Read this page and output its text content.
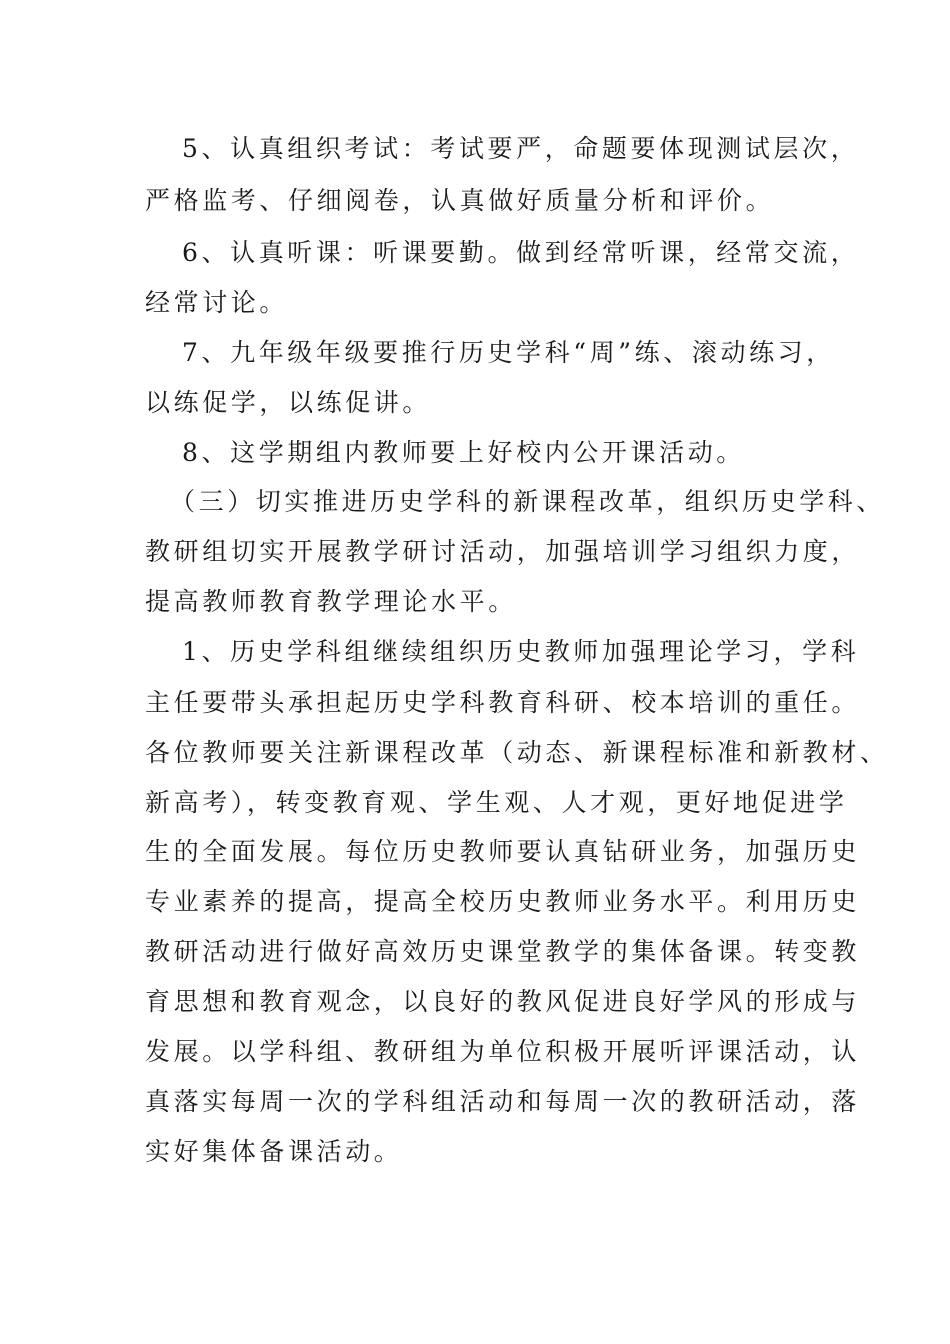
5、认真组织考试：考试要严，命题要体现测试层次，

严格监考、仔细阅卷，认真做好质量分析和评价。

6、认真听课：听课要勤。做到经常听课，经常交流，

经常讨论。

7、九年级年级要推行历史学科“周”练、滚动练习，

以练促学，以练促讲。

8、这学期组内教师要上好校内公开课活动。

（三）切实推进历史学科的新课程改革，组织历史学科、

教研组切实开展教学研讨活动，加强培训学习组织力度，

提高教师教育教学理论水平。

1、历史学科组继续组织历史教师加强理论学习，学科

主任要带头承担起历史学科教育科研、校本培训的重任。

各位教师要关注新课程改革（动态、新课程标准和新教材、

新高考），转变教育观、学生观、人才观，更好地促进学

生的全面发展。每位历史教师要认真钻研业务，加强历史

专业素养的提高，提高全校历史教师业务水平。利用历史

教研活动进行做好高效历史课堂教学的集体备课。转变教

育思想和教育观念，以良好的教风促进良好学风的形成与

发展。以学科组、教研组为单位积极开展听评课活动，认

真落实每周一次的学科组活动和每周一次的教研活动，落

实好集体备课活动。
